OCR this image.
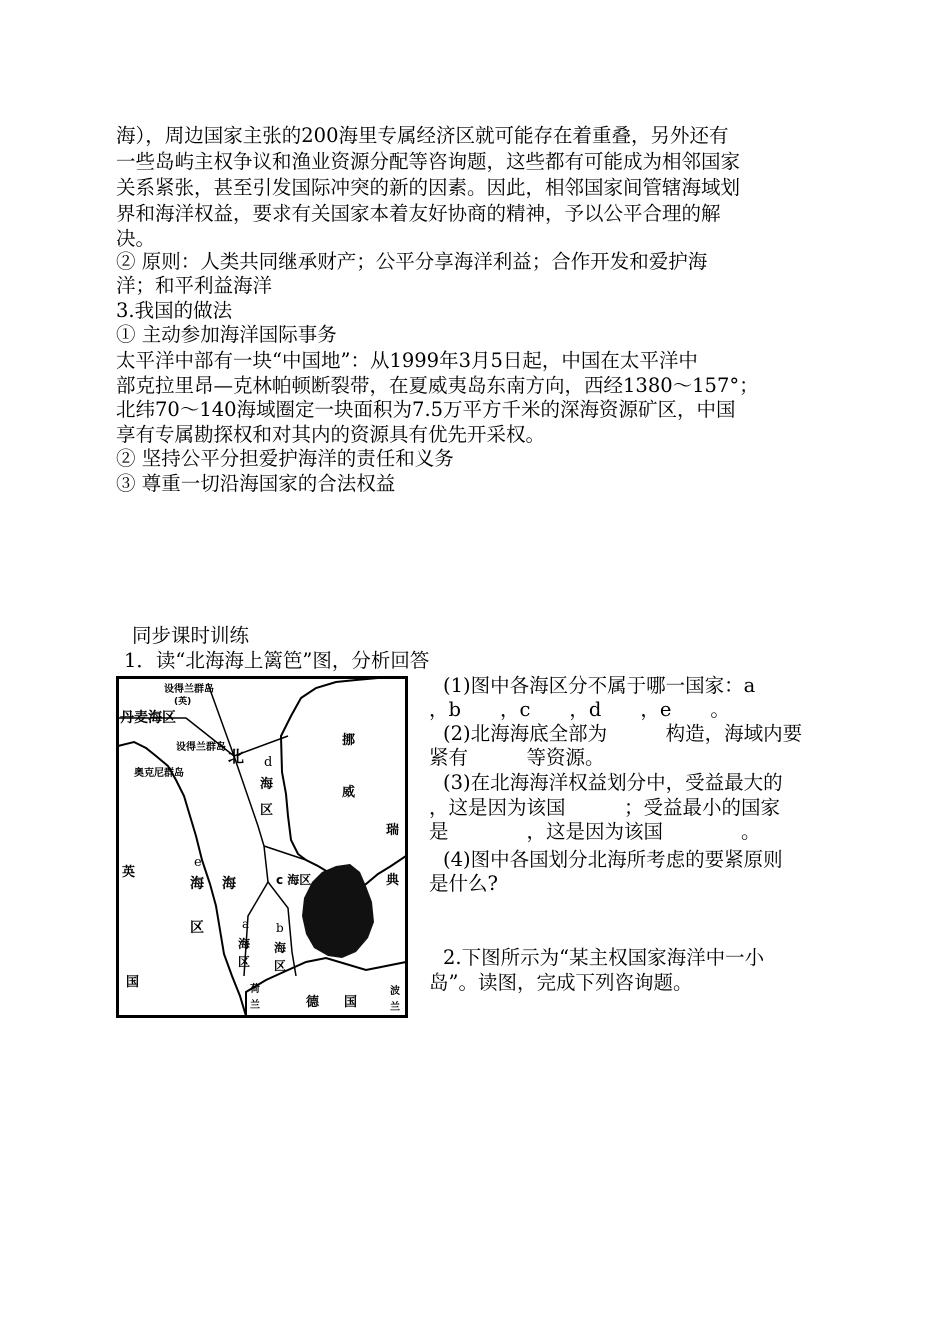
海），周边国家主张的200海里专属经济区就可能存在着重叠，另外还有
一些岛屿主权争议和渔业资源分配等咨询题，这些都有可能成为相邻国家
关系紧张，甚至引发国际冲突的新的因素。因此，相邻国家间管辖海域划
界和海洋权益，要求有关国家本着友好协商的精神，予以公平合理的解
决。
② 原则：人类共同继承财产；公平分享海洋利益；合作开发和爱护海
洋；和平利益海洋
3.我国的做法
① 主动参加海洋国际事务
太平洋中部有一块“中国地”：从1999年3月5日起，中国在太平洋中
部克拉里昂—克林帕顿断裂带，在夏威夷岛东南方向，西经1380～157°；
北纬70～140海域圈定一块面积为7.5万平方千米的深海资源矿区，中国
享有专属勘探权和对其内的资源具有优先开采权。
② 坚持公平分担爱护海洋的责任和义务
③ 尊重一切沿海国家的合法权益
同步课时训练
1．读“北海海上篱笆”图，分析回答
设得兰群岛
(英)
丹麦海区
设得兰群岛
奥克尼群岛
北 d
海
区
挪
威
瑞
典
e
海 海
区
c 海区
英
国
a
海
区
b
海
区
荷
兰	德 国
波
兰
(1)图中各海区分不属于哪一国家：a
，b　　，c　　，d　　，e　　。
(2)北海海底全部为　　　构造，海域内要
紧有　　　等资源。
(3)在北海海洋权益划分中，受益最大的
，这是因为该国　　　；受益最小的国家
是　　　　，这是因为该国　　　　。
(4)图中各国划分北海所考虑的要紧原则
是什么?
2.下图所示为“某主权国家海洋中一小
岛”。读图，完成下列咨询题。
